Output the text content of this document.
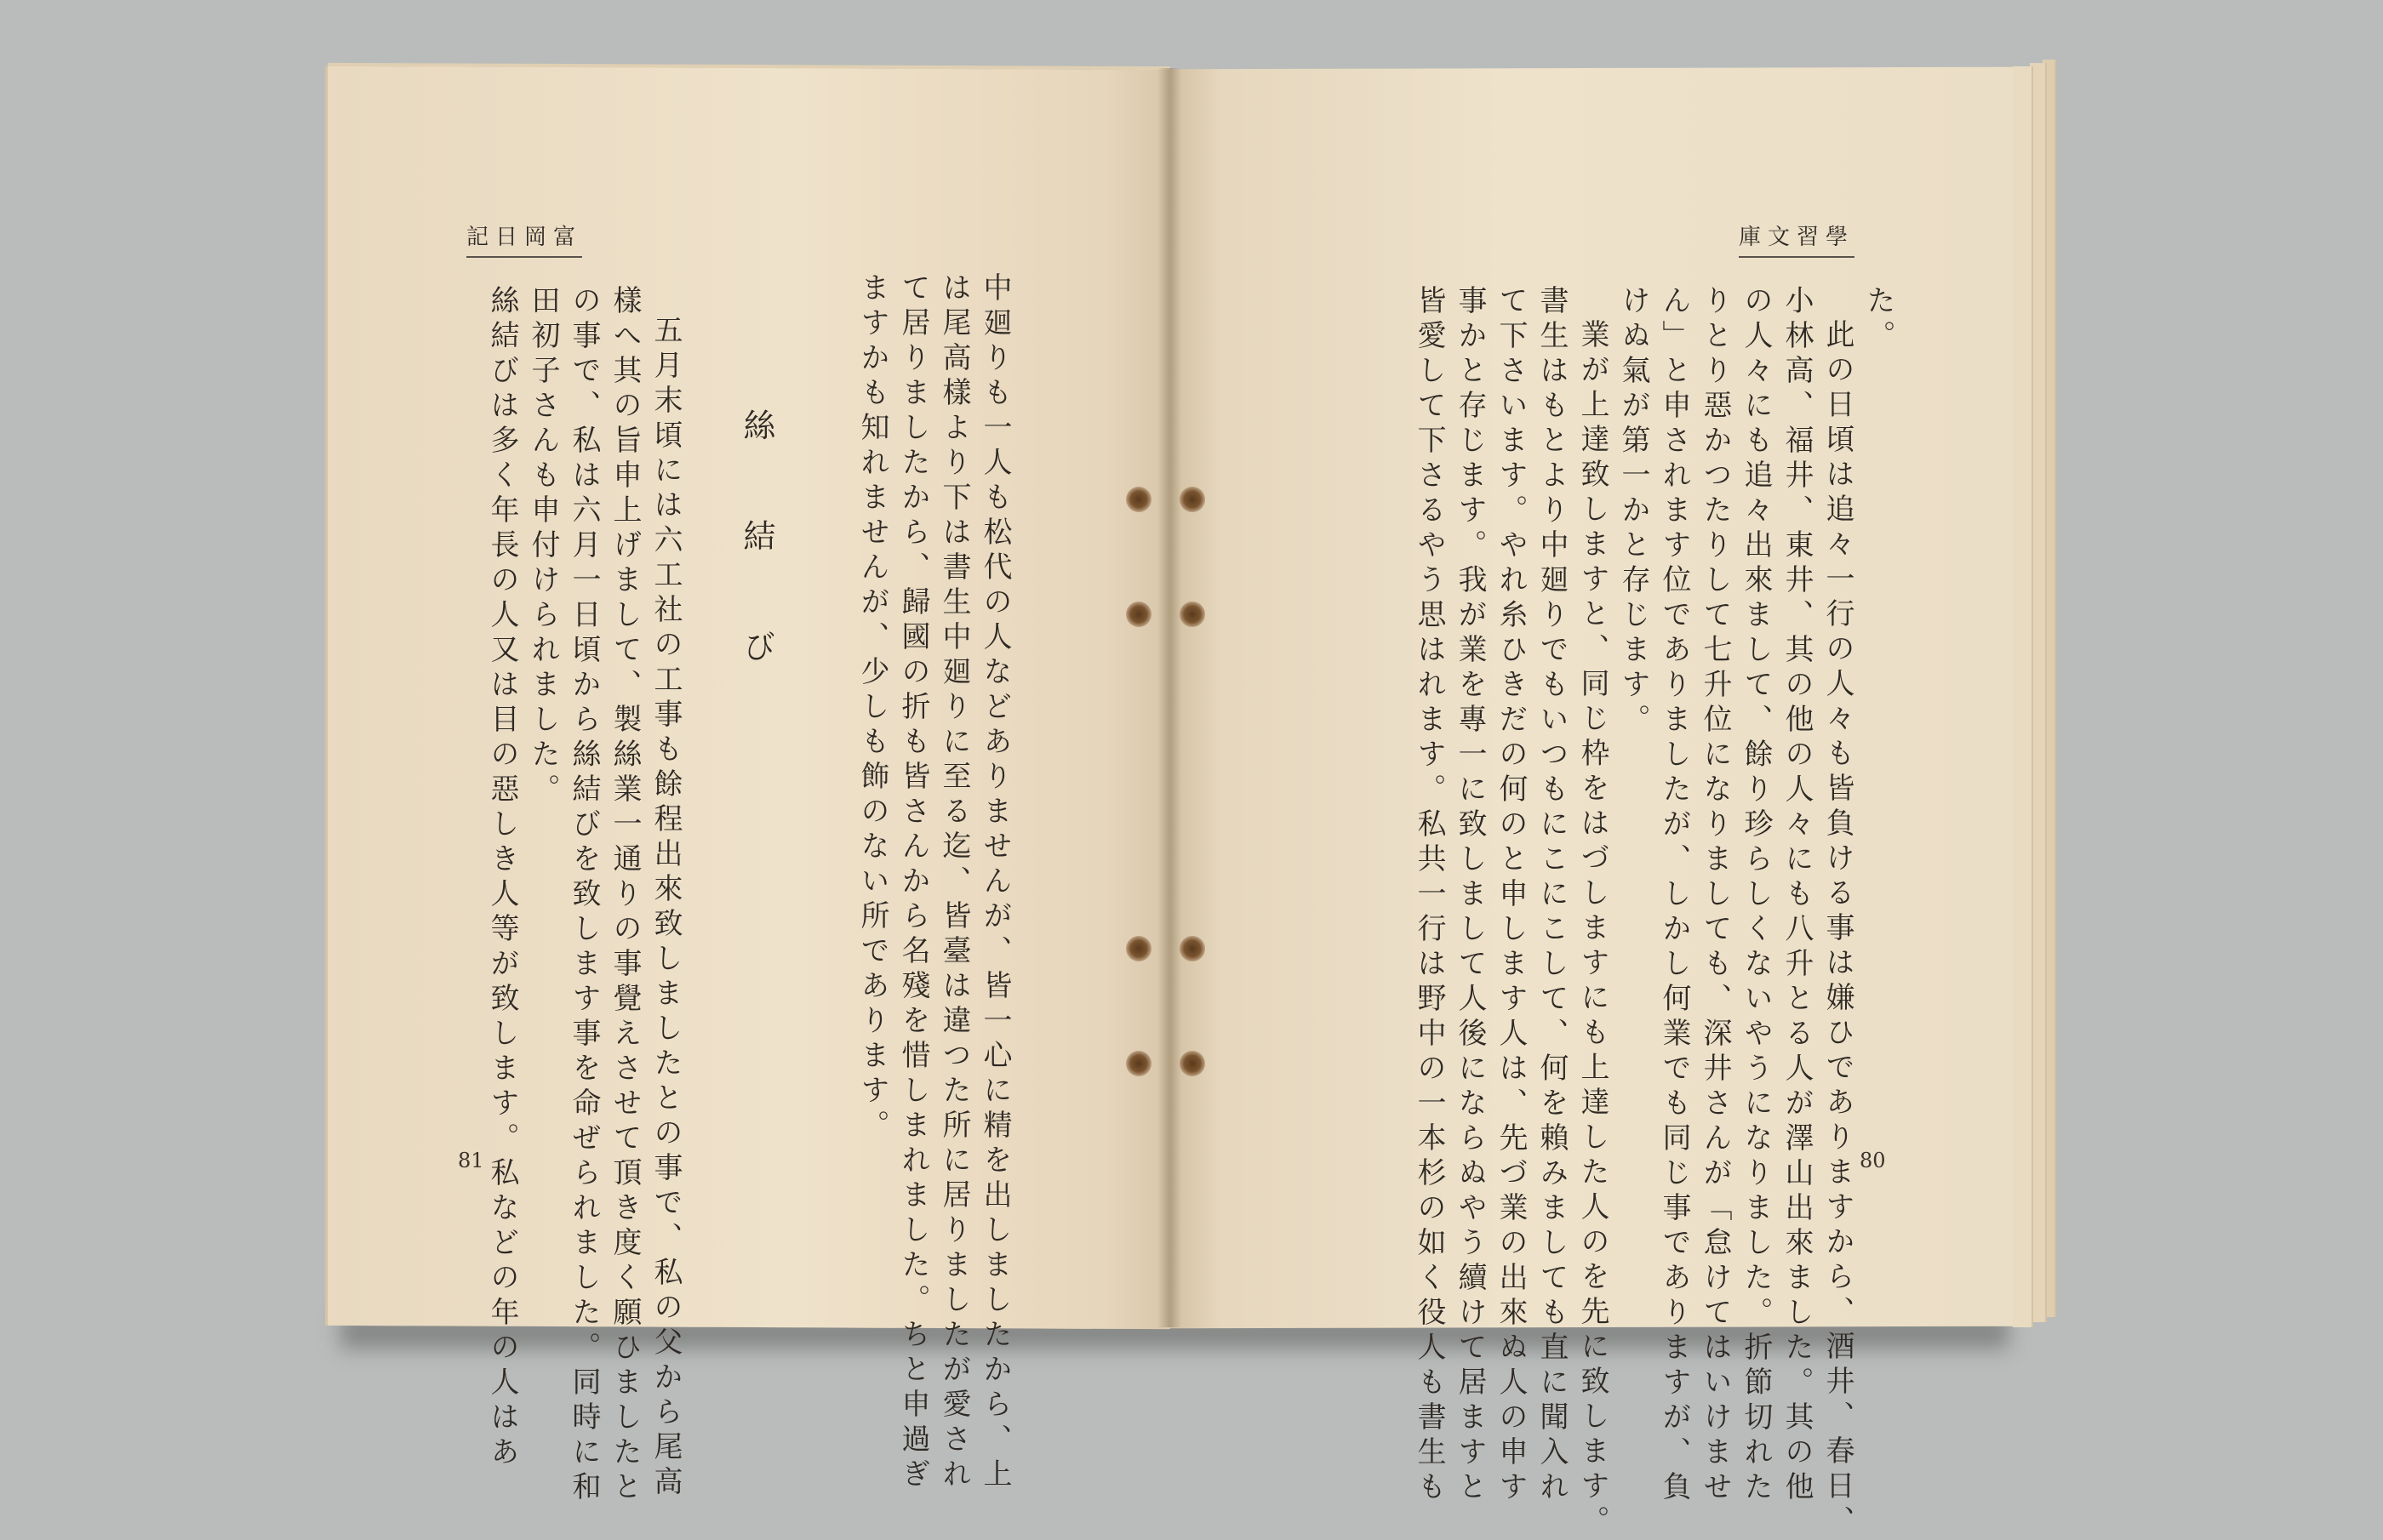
記日岡富
中廻りも一人も松代の人などありませんが、皆一心に精を出しましたから、上
は尾高樣より下は書生中廻りに至る迄、皆臺は違つた所に居りましたが愛され
て居りましたから、歸國の折も皆さんから名殘を惜しまれました。ちと申過ぎ
ますかも知れませんが、少しも飾のない所であります。
絲 結 び
五月末頃には六工社の工事も餘程出來致しましたとの事で、私の父から尾高
樣へ其の旨申上げまして、製絲業一通りの事覺えさせて頂き度く願ひましたと
の事で、私は六月一日頃から絲結びを致します事を命ぜられました。同時に和
田初子さんも申付けられました。
絲結びは多く年長の人又は目の惡しき人等が致します。私などの年の人はあ
81
庫文習學
た。
此の日頃は追々一行の人々も皆負ける事は嫌ひでありますから、酒井、春日、
小林高、福井、東井、其の他の人々にも八升とる人が澤山出來ました。其の他
の人々にも追々出來まして、餘り珍らしくないやうになりました。折節切れた
りとり惡かつたりして七升位になりましても、深井さんが「怠けてはいけませ
ん」と申されます位でありましたが、しかし何業でも同じ事でありますが、負
けぬ氣が第一かと存じます。
業が上達致しますと、同じ枠をはづしますにも上達した人のを先に致します。
書生はもとより中廻りでもいつもにこにこして、何を賴みましても直に聞入れ
て下さいます。やれ糸ひきだの何のと申します人は、先づ業の出來ぬ人の申す
事かと存じます。我が業を專一に致しまして人後にならぬやう續けて居ますと
皆愛して下さるやう思はれます。私共一行は野中の一本杉の如く役人も書生も	80
